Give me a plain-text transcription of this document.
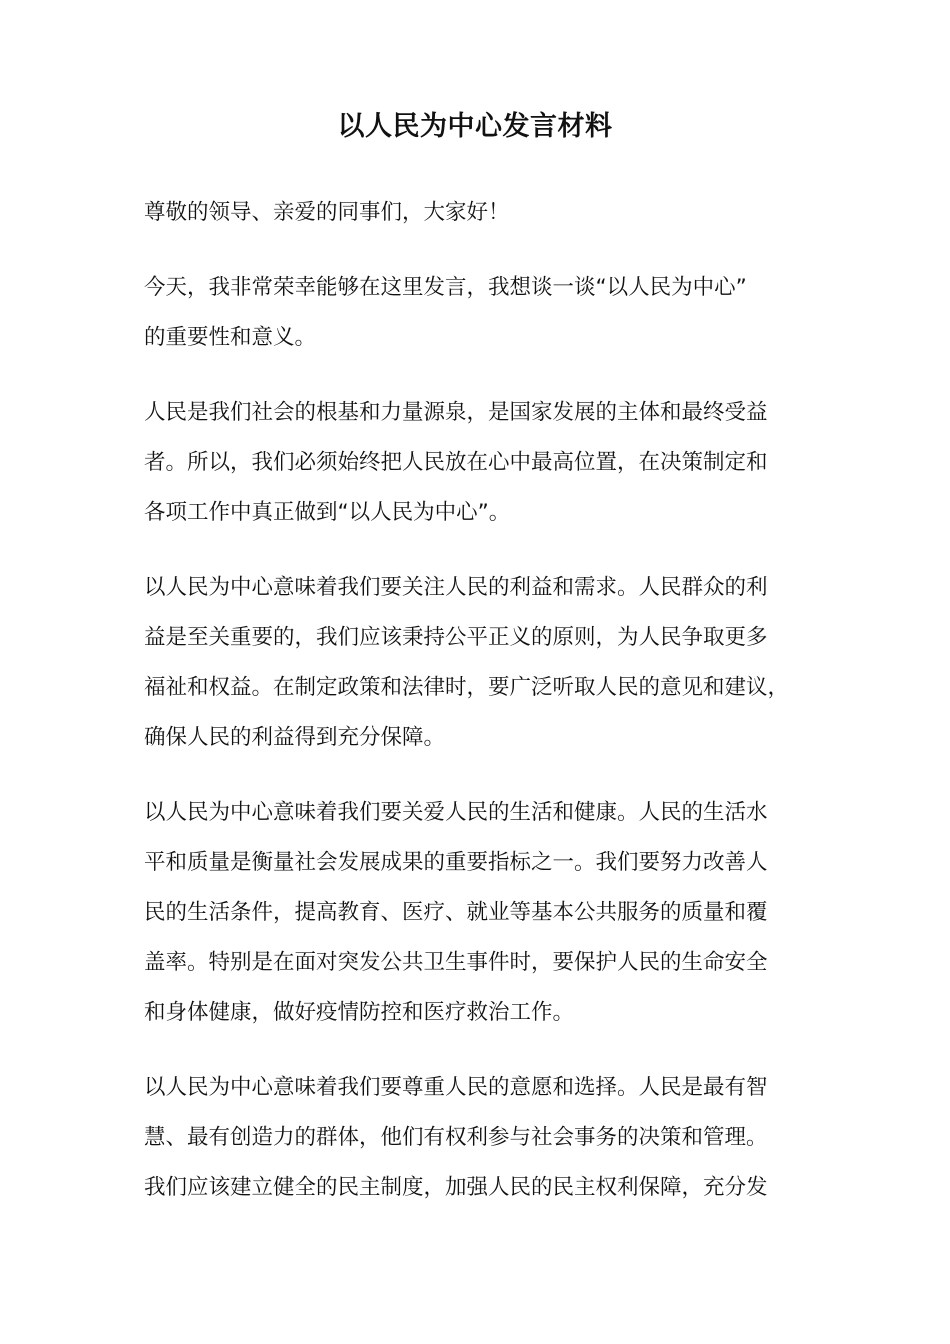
以人民为中心发言材料

尊敬的领导、亲爱的同事们，大家好！

今天，我非常荣幸能够在这里发言，我想谈一谈“以人民为中心”
的重要性和意义。

人民是我们社会的根基和力量源泉，是国家发展的主体和最终受益
者。所以，我们必须始终把人民放在心中最高位置，在决策制定和
各项工作中真正做到“以人民为中心”。

以人民为中心意味着我们要关注人民的利益和需求。人民群众的利
益是至关重要的，我们应该秉持公平正义的原则，为人民争取更多
福祉和权益。在制定政策和法律时，要广泛听取人民的意见和建议，
确保人民的利益得到充分保障。

以人民为中心意味着我们要关爱人民的生活和健康。人民的生活水
平和质量是衡量社会发展成果的重要指标之一。我们要努力改善人
民的生活条件，提高教育、医疗、就业等基本公共服务的质量和覆
盖率。特别是在面对突发公共卫生事件时，要保护人民的生命安全
和身体健康，做好疫情防控和医疗救治工作。

以人民为中心意味着我们要尊重人民的意愿和选择。人民是最有智
慧、最有创造力的群体，他们有权利参与社会事务的决策和管理。
我们应该建立健全的民主制度，加强人民的民主权利保障，充分发
